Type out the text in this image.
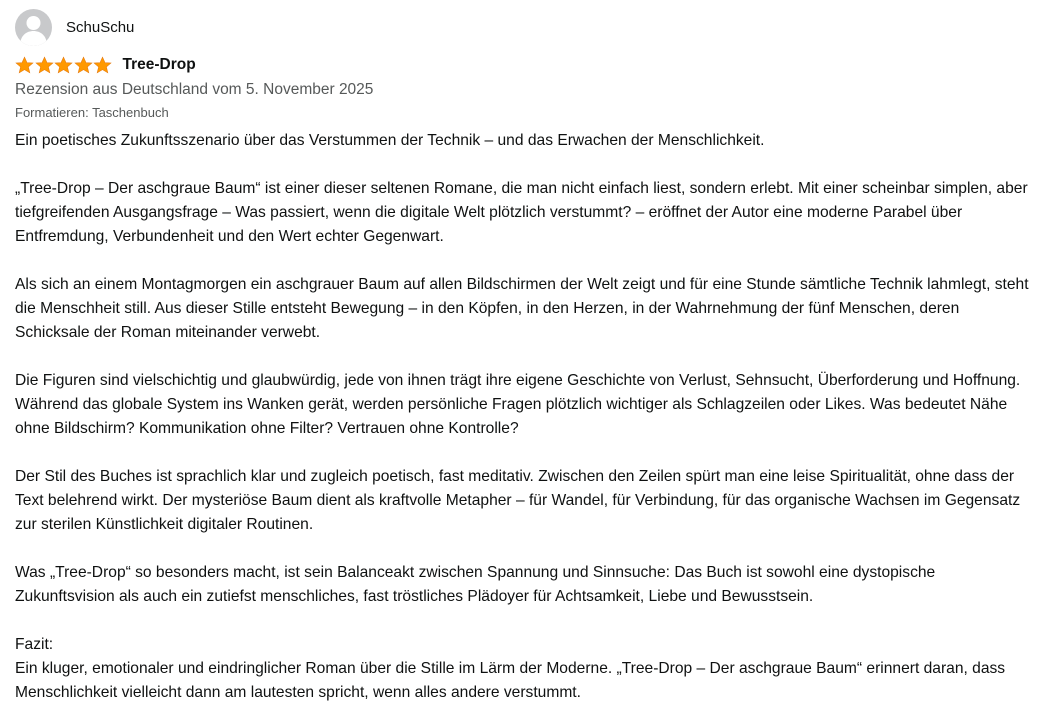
SchuSchu
Tree-Drop
Rezension aus Deutschland vom 5. November 2025
Formatieren: Taschenbuch

Ein poetisches Zukunftsszenario über das Verstummen der Technik – und das Erwachen der Menschlichkeit.

„Tree-Drop – Der aschgraue Baum“ ist einer dieser seltenen Romane, die man nicht einfach liest, sondern erlebt. Mit einer scheinbar simplen, aber tiefgreifenden Ausgangsfrage – Was passiert, wenn die digitale Welt plötzlich verstummt? – eröffnet der Autor eine moderne Parabel über Entfremdung, Verbundenheit und den Wert echter Gegenwart.

Als sich an einem Montagmorgen ein aschgrauer Baum auf allen Bildschirmen der Welt zeigt und für eine Stunde sämtliche Technik lahmlegt, steht die Menschheit still. Aus dieser Stille entsteht Bewegung – in den Köpfen, in den Herzen, in der Wahrnehmung der fünf Menschen, deren Schicksale der Roman miteinander verwebt.

Die Figuren sind vielschichtig und glaubwürdig, jede von ihnen trägt ihre eigene Geschichte von Verlust, Sehnsucht, Überforderung und Hoffnung. Während das globale System ins Wanken gerät, werden persönliche Fragen plötzlich wichtiger als Schlagzeilen oder Likes. Was bedeutet Nähe ohne Bildschirm? Kommunikation ohne Filter? Vertrauen ohne Kontrolle?

Der Stil des Buches ist sprachlich klar und zugleich poetisch, fast meditativ. Zwischen den Zeilen spürt man eine leise Spiritualität, ohne dass der Text belehrend wirkt. Der mysteriöse Baum dient als kraftvolle Metapher – für Wandel, für Verbindung, für das organische Wachsen im Gegensatz zur sterilen Künstlichkeit digitaler Routinen.

Was „Tree-Drop“ so besonders macht, ist sein Balanceakt zwischen Spannung und Sinnsuche: Das Buch ist sowohl eine dystopische Zukunftsvision als auch ein zutiefst menschliches, fast tröstliches Plädoyer für Achtsamkeit, Liebe und Bewusstsein.

Fazit:
Ein kluger, emotionaler und eindringlicher Roman über die Stille im Lärm der Moderne. „Tree-Drop – Der aschgraue Baum“ erinnert daran, dass Menschlichkeit vielleicht dann am lautesten spricht, wenn alles andere verstummt.
